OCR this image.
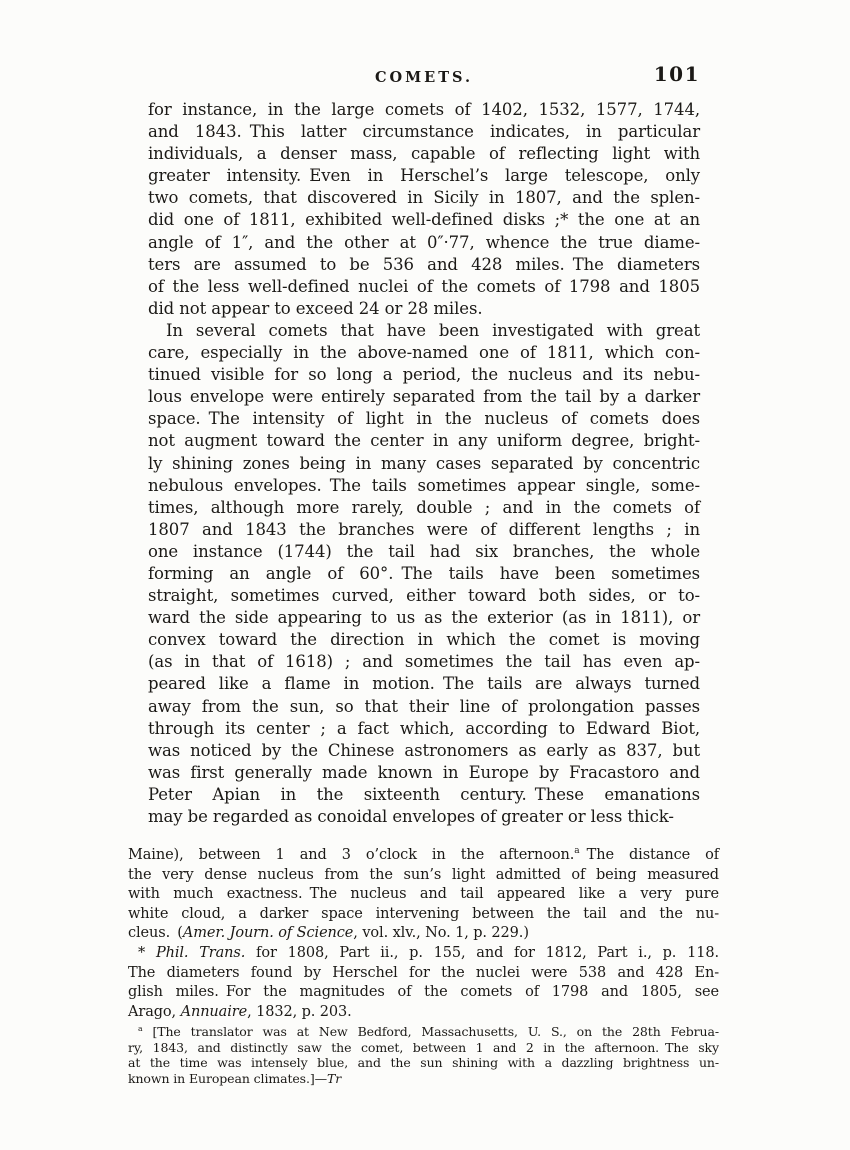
COMETS.	101
for instance, in the large comets of 1402, 1532, 1577, 1744,
and 1843. This latter circumstance indicates, in particular
individuals, a denser mass, capable of reflecting light with
greater intensity. Even in Herschel’s large telescope, only
two comets, that discovered in Sicily in 1807, and the splen-
did one of 1811, exhibited well-defined disks ;* the one at an
angle of 1″, and the other at 0″·77, whence the true diame-
ters are assumed to be 536 and 428 miles. The diameters
of the less well-defined nuclei of the comets of 1798 and 1805
did not appear to exceed 24 or 28 miles.
In several comets that have been investigated with great
care, especially in the above-named one of 1811, which con-
tinued visible for so long a period, the nucleus and its nebu-
lous envelope were entirely separated from the tail by a darker
space. The intensity of light in the nucleus of comets does
not augment toward the center in any uniform degree, bright-
ly shining zones being in many cases separated by concentric
nebulous envelopes. The tails sometimes appear single, some-
times, although more rarely, double ; and in the comets of
1807 and 1843 the branches were of different lengths ; in
one instance (1744) the tail had six branches, the whole
forming an angle of 60°. The tails have been sometimes
straight, sometimes curved, either toward both sides, or to-
ward the side appearing to us as the exterior (as in 1811), or
convex toward the direction in which the comet is moving
(as in that of 1618) ; and sometimes the tail has even ap-
peared like a flame in motion. The tails are always turned
away from the sun, so that their line of prolongation passes
through its center ; a fact which, according to Edward Biot,
was noticed by the Chinese astronomers as early as 837, but
was first generally made known in Europe by Fracastoro and
Peter Apian in the sixteenth century. These emanations
may be regarded as conoidal envelopes of greater or less thick-
Maine), between 1 and 3 o’clock in the afternoon.$^a$ The distance of
the very dense nucleus from the sun’s light admitted of being measured
with much exactness. The nucleus and tail appeared like a very pure
white cloud, a darker space intervening between the tail and the nu-
cleus. (Amer. Journ. of Science, vol. xlv., No. 1, p. 229.)
* Phil. Trans. for 1808, Part ii., p. 155, and for 1812, Part i., p. 118.
The diameters found by Herschel for the nuclei were 538 and 428 En-
glish miles. For the magnitudes of the comets of 1798 and 1805, see
Arago, Annuaire, 1832, p. 203.
$^a$ [The translator was at New Bedford, Massachusetts, U. S., on the 28th Februa-
ry, 1843, and distinctly saw the comet, between 1 and 2 in the afternoon. The sky
at the time was intensely blue, and the sun shining with a dazzling brightness un-
known in European climates.]—Tr
